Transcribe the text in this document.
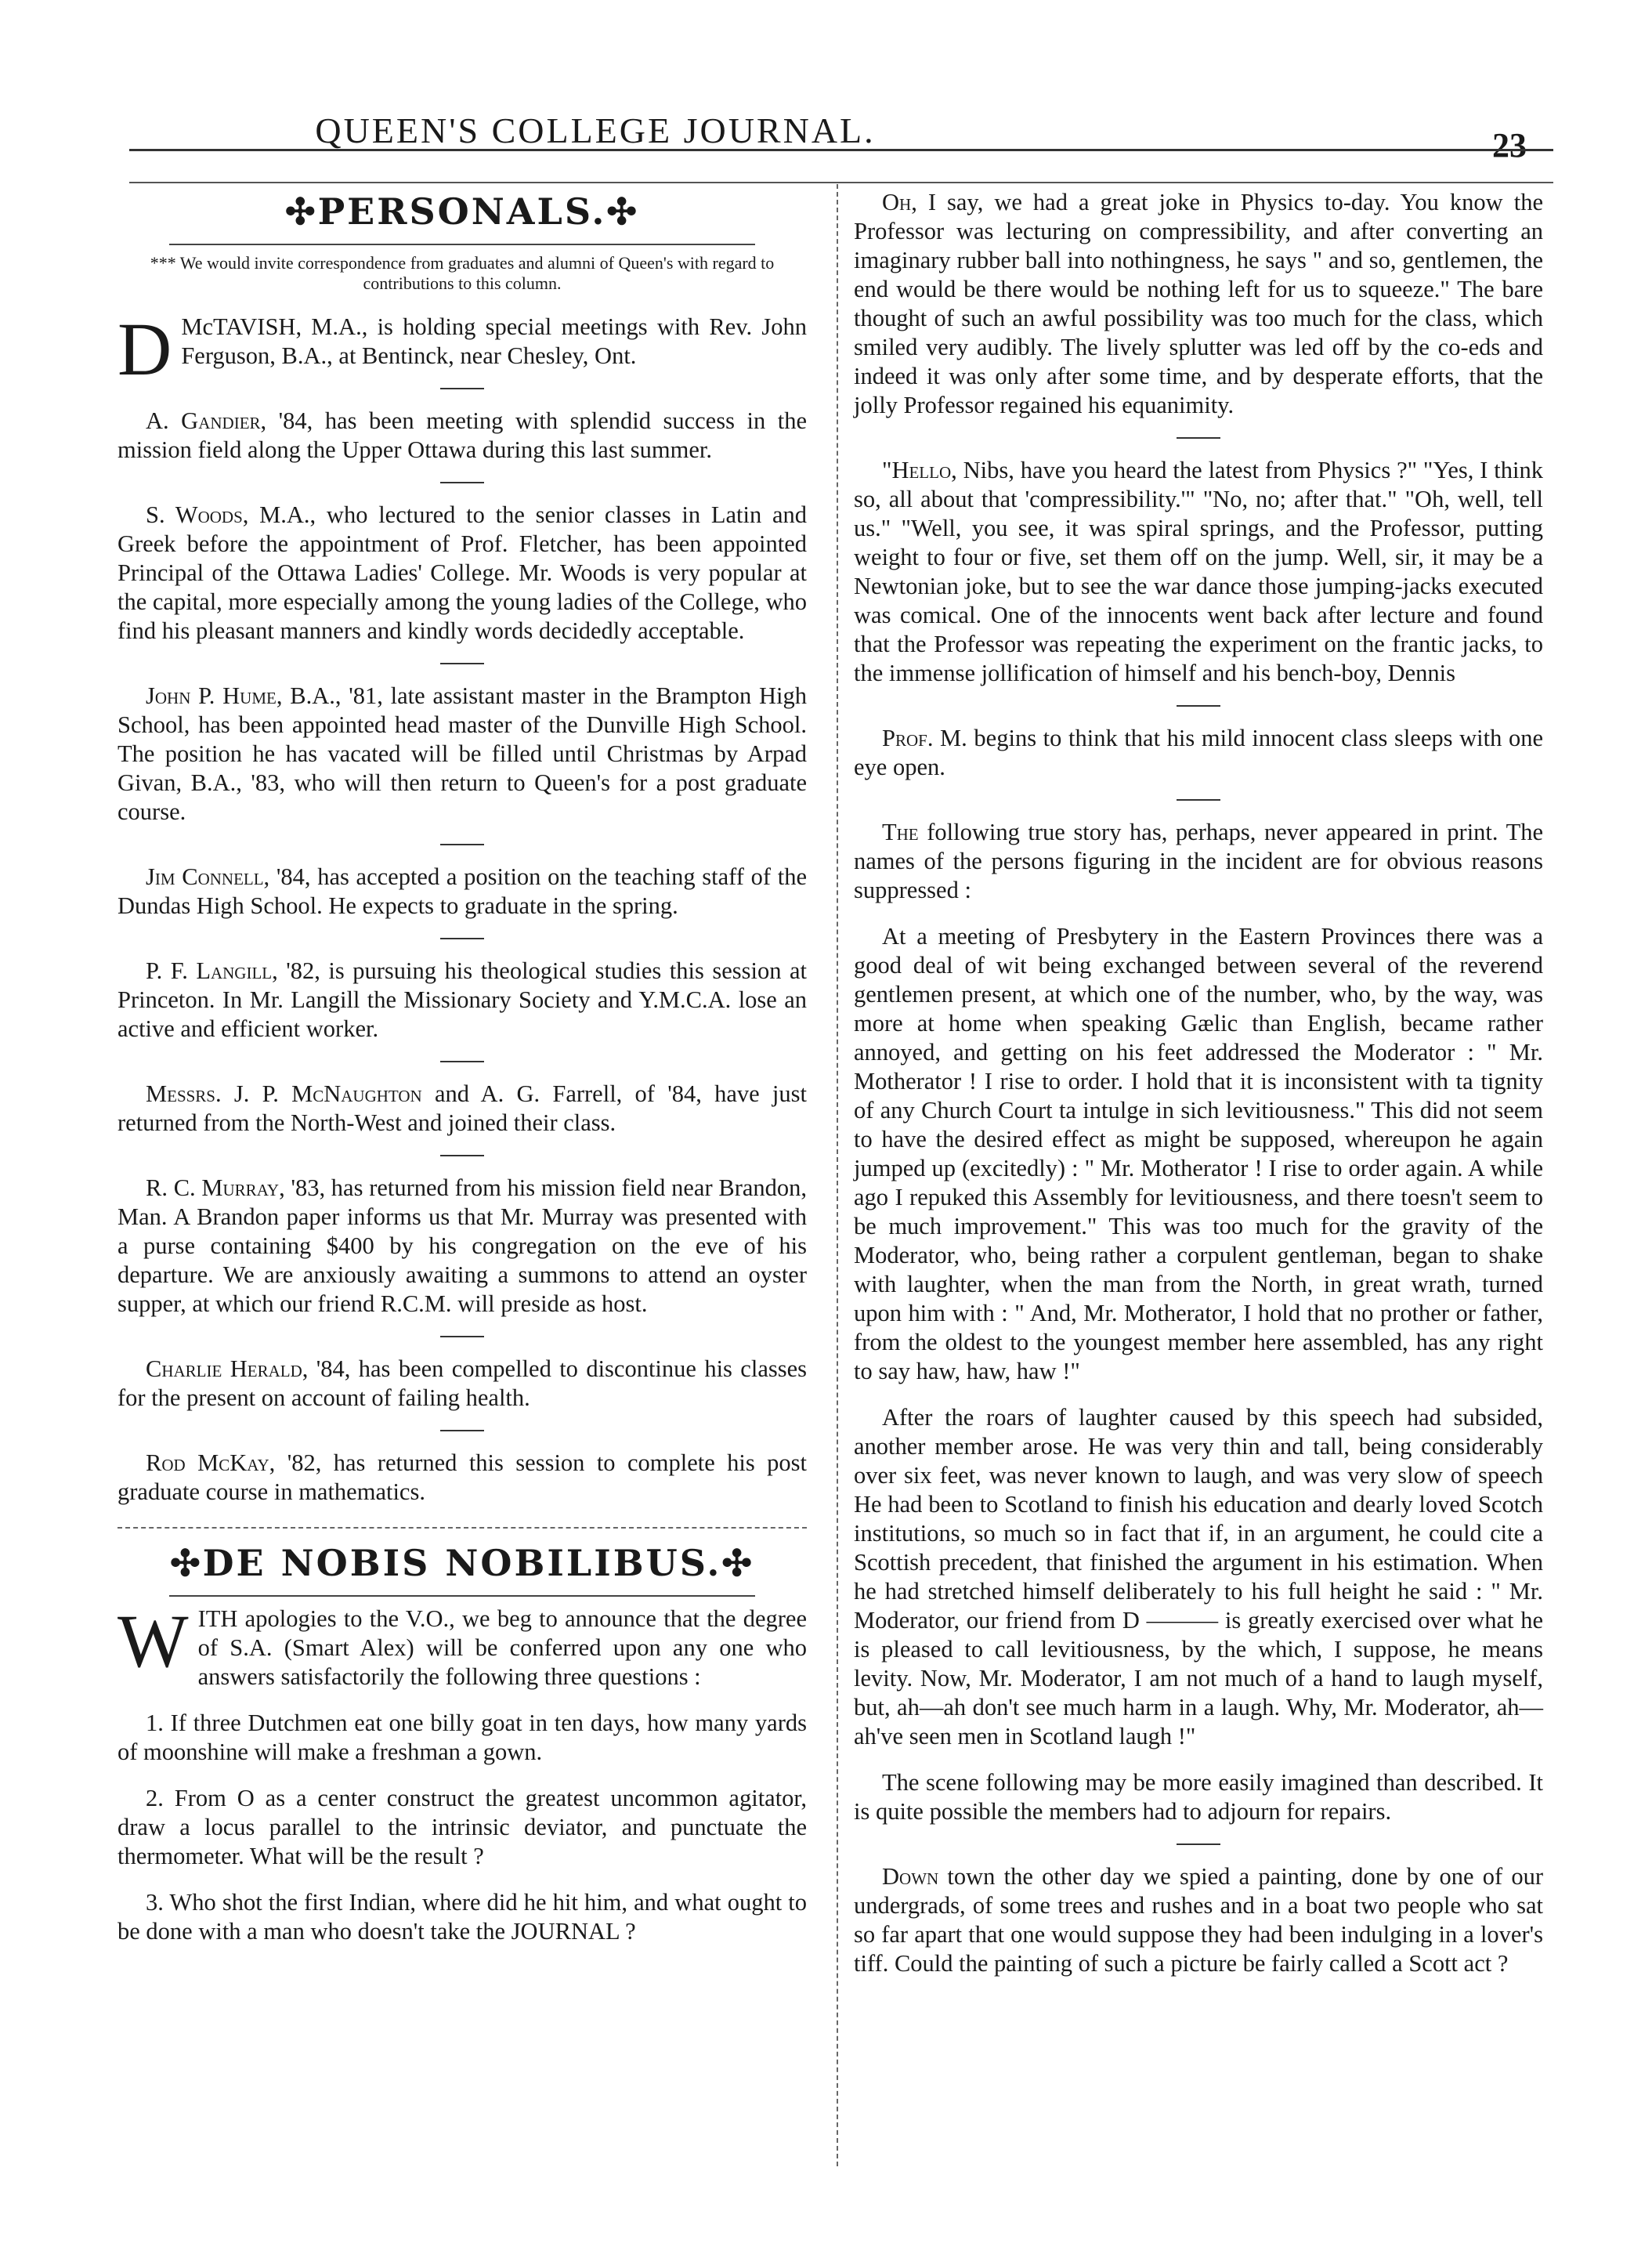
QUEEN'S COLLEGE JOURNAL.	23
✣PERSONALS.✣
*** We would invite correspondence from graduates and alumni of Queen's with regard to contributions to this column.

D McTAVISH, M.A., is holding special meetings with Rev. John Ferguson, B.A., at Bentinck, near Chesley, Ont.

A. Gandier, '84, has been meeting with splendid success in the mission field along the Upper Ottawa during this last summer.

S. Woods, M.A., who lectured to the senior classes in Latin and Greek before the appointment of Prof. Fletcher, has been appointed Principal of the Ottawa Ladies' College. Mr. Woods is very popular at the capital, more especially among the young ladies of the College, who find his pleasant manners and kindly words decidedly acceptable.

John P. Hume, B.A., '81, late assistant master in the Brampton High School, has been appointed head master of the Dunville High School. The position he has vacated will be filled until Christmas by Arpad Givan, B.A., '83, who will then return to Queen's for a post graduate course.

Jim Connell, '84, has accepted a position on the teaching staff of the Dundas High School. He expects to graduate in the spring.

P. F. Langill, '82, is pursuing his theological studies this session at Princeton. In Mr. Langill the Missionary Society and Y.M.C.A. lose an active and efficient worker.

Messrs. J. P. McNaughton and A. G. Farrell, of '84, have just returned from the North-West and joined their class.

R. C. Murray, '83, has returned from his mission field near Brandon, Man. A Brandon paper informs us that Mr. Murray was presented with a purse containing $400 by his congregation on the eve of his departure. We are anxiously awaiting a summons to attend an oyster supper, at which our friend R.C.M. will preside as host.

Charlie Herald, '84, has been compelled to discontinue his classes for the present on account of failing health.

Rod McKay, '82, has returned this session to complete his post graduate course in mathematics.

✣DE NOBIS NOBILIBUS.✣

WITH apologies to the V.O., we beg to announce that the degree of S.A. (Smart Alex) will be conferred upon any one who answers satisfactorily the following three questions :

1. If three Dutchmen eat one billy goat in ten days, how many yards of moonshine will make a freshman a gown.

2. From O as a center construct the greatest uncommon agitator, draw a locus parallel to the intrinsic deviator, and punctuate the thermometer. What will be the result ?

3. Who shot the first Indian, where did he hit him, and what ought to be done with a man who doesn't take the JOURNAL ?

Oh, I say, we had a great joke in Physics to-day. You know the Professor was lecturing on compressibility, and after converting an imaginary rubber ball into nothingness, he says " and so, gentlemen, the end would be there would be nothing left for us to squeeze." The bare thought of such an awful possibility was too much for the class, which smiled very audibly. The lively splutter was led off by the co-eds and indeed it was only after some time, and by desperate efforts, that the jolly Professor regained his equanimity.

"Hello, Nibs, have you heard the latest from Physics ?" "Yes, I think so, all about that 'compressibility.'" "No, no; after that." "Oh, well, tell us." "Well, you see, it was spiral springs, and the Professor, putting weight to four or five, set them off on the jump. Well, sir, it may be a Newtonian joke, but to see the war dance those jumping-jacks executed was comical. One of the innocents went back after lecture and found that the Professor was repeating the experiment on the frantic jacks, to the immense jollification of himself and his bench-boy, Dennis

Prof. M. begins to think that his mild innocent class sleeps with one eye open.

The following true story has, perhaps, never appeared in print. The names of the persons figuring in the incident are for obvious reasons suppressed :

At a meeting of Presbytery in the Eastern Provinces there was a good deal of wit being exchanged between several of the reverend gentlemen present, at which one of the number, who, by the way, was more at home when speaking Gælic than English, became rather annoyed, and getting on his feet addressed the Moderator : " Mr. Motherator ! I rise to order. I hold that it is inconsistent with ta tignity of any Church Court ta intulge in sich levitiousness." This did not seem to have the desired effect as might be supposed, whereupon he again jumped up (excitedly) : " Mr. Motherator ! I rise to order again. A while ago I repuked this Assembly for levitiousness, and there toesn't seem to be much improvement." This was too much for the gravity of the Moderator, who, being rather a corpulent gentleman, began to shake with laughter, when the man from the North, in great wrath, turned upon him with : " And, Mr. Motherator, I hold that no prother or father, from the oldest to the youngest member here assembled, has any right to say haw, haw, haw !"

After the roars of laughter caused by this speech had subsided, another member arose. He was very thin and tall, being considerably over six feet, was never known to laugh, and was very slow of speech He had been to Scotland to finish his education and dearly loved Scotch institutions, so much so in fact that if, in an argument, he could cite a Scottish precedent, that finished the argument in his estimation. When he had stretched himself deliberately to his full height he said : " Mr. Moderator, our friend from D ——— is greatly exercised over what he is pleased to call levitiousness, by the which, I suppose, he means levity. Now, Mr. Moderator, I am not much of a hand to laugh myself, but, ah—ah don't see much harm in a laugh. Why, Mr. Moderator, ah—ah've seen men in Scotland laugh !"

The scene following may be more easily imagined than described. It is quite possible the members had to adjourn for repairs.

Down town the other day we spied a painting, done by one of our undergrads, of some trees and rushes and in a boat two people who sat so far apart that one would suppose they had been indulging in a lover's tiff. Could the painting of such a picture be fairly called a Scott act ?
